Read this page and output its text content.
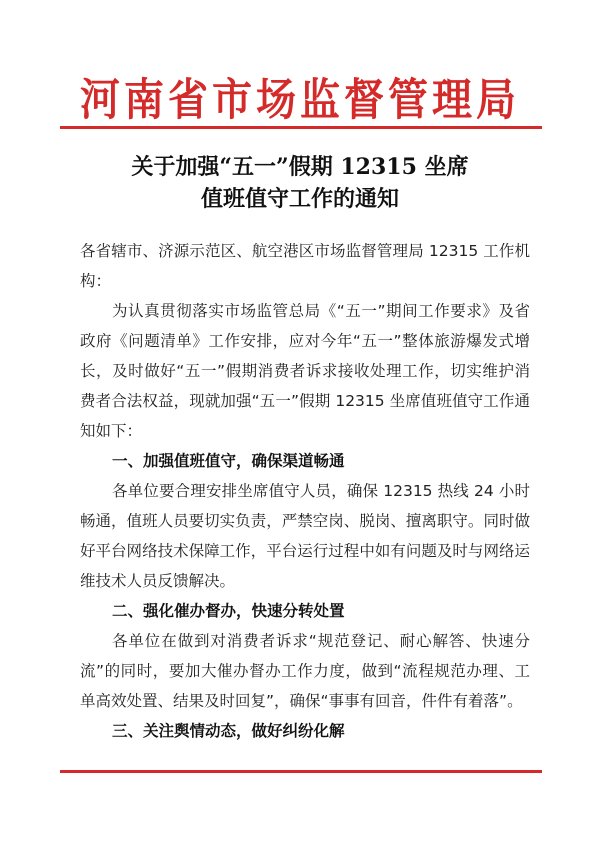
河南省市场监督管理局
关于加强“五一”假期 12315 坐席
值班值守工作的通知

各省辖市、济源示范区、航空港区市场监督管理局 12315 工作机构：

为认真贯彻落实市场监管总局《“五一”期间工作要求》及省政府《问题清单》工作安排，应对今年“五一”整体旅游爆发式增长，及时做好“五一”假期消费者诉求接收处理工作，切实维护消费者合法权益，现就加强“五一”假期 12315 坐席值班值守工作通知如下：

一、加强值班值守，确保渠道畅通

各单位要合理安排坐席值守人员，确保 12315 热线 24 小时畅通，值班人员要切实负责，严禁空岗、脱岗、擅离职守。同时做好平台网络技术保障工作，平台运行过程中如有问题及时与网络运维技术人员反馈解决。

二、强化催办督办，快速分转处置

各单位在做到对消费者诉求“规范登记、耐心解答、快速分流”的同时，要加大催办督办工作力度，做到“流程规范办理、工单高效处置、结果及时回复”，确保“事事有回音，件件有着落”。

三、关注舆情动态，做好纠纷化解
